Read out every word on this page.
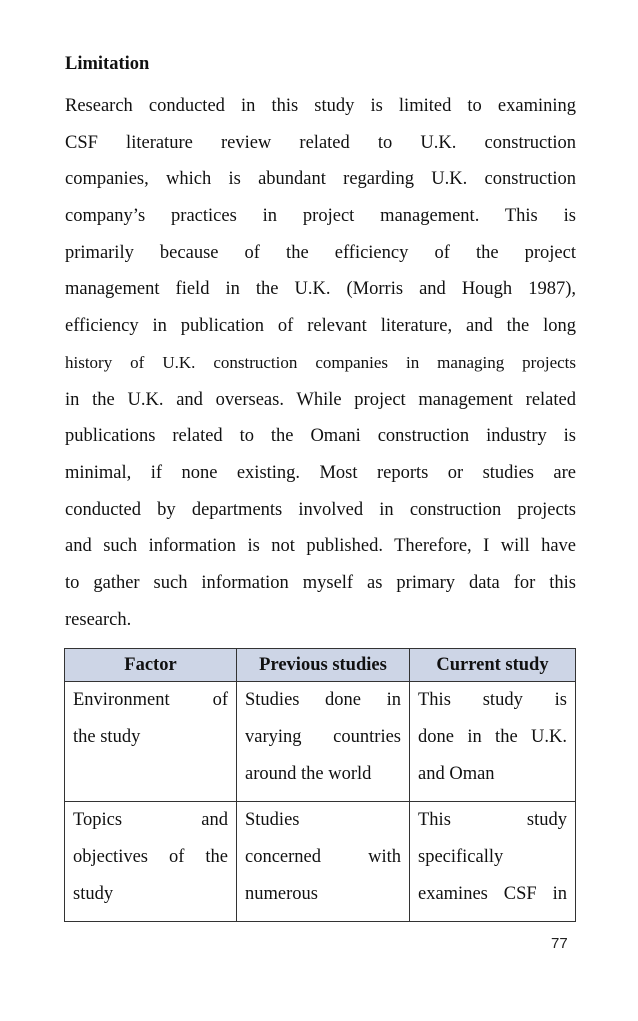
Limitation
Research conducted in this study is limited to examining
CSF literature review related to U.K. construction
companies, which is abundant regarding U.K. construction
company’s practices in project management. This is
primarily because of the efficiency of the project
management field in the U.K. (Morris and Hough 1987),
efficiency in publication of relevant literature, and the long
history of U.K. construction companies in managing projects
in the U.K. and overseas. While project management related
publications related to the Omani construction industry is
minimal, if none existing. Most reports or studies are
conducted by departments involved in construction projects
and such information is not published. Therefore, I will have
to gather such information myself as primary data for this
research.
Factor	Previous studies	Current study

Environment of
the study	Studies done in
varying countries
around the world	This study is
done in the U.K.
and Oman

Topics and
objectives of the
study	Studies
concerned with
numerous	This study
specifically
examines CSF in
77
